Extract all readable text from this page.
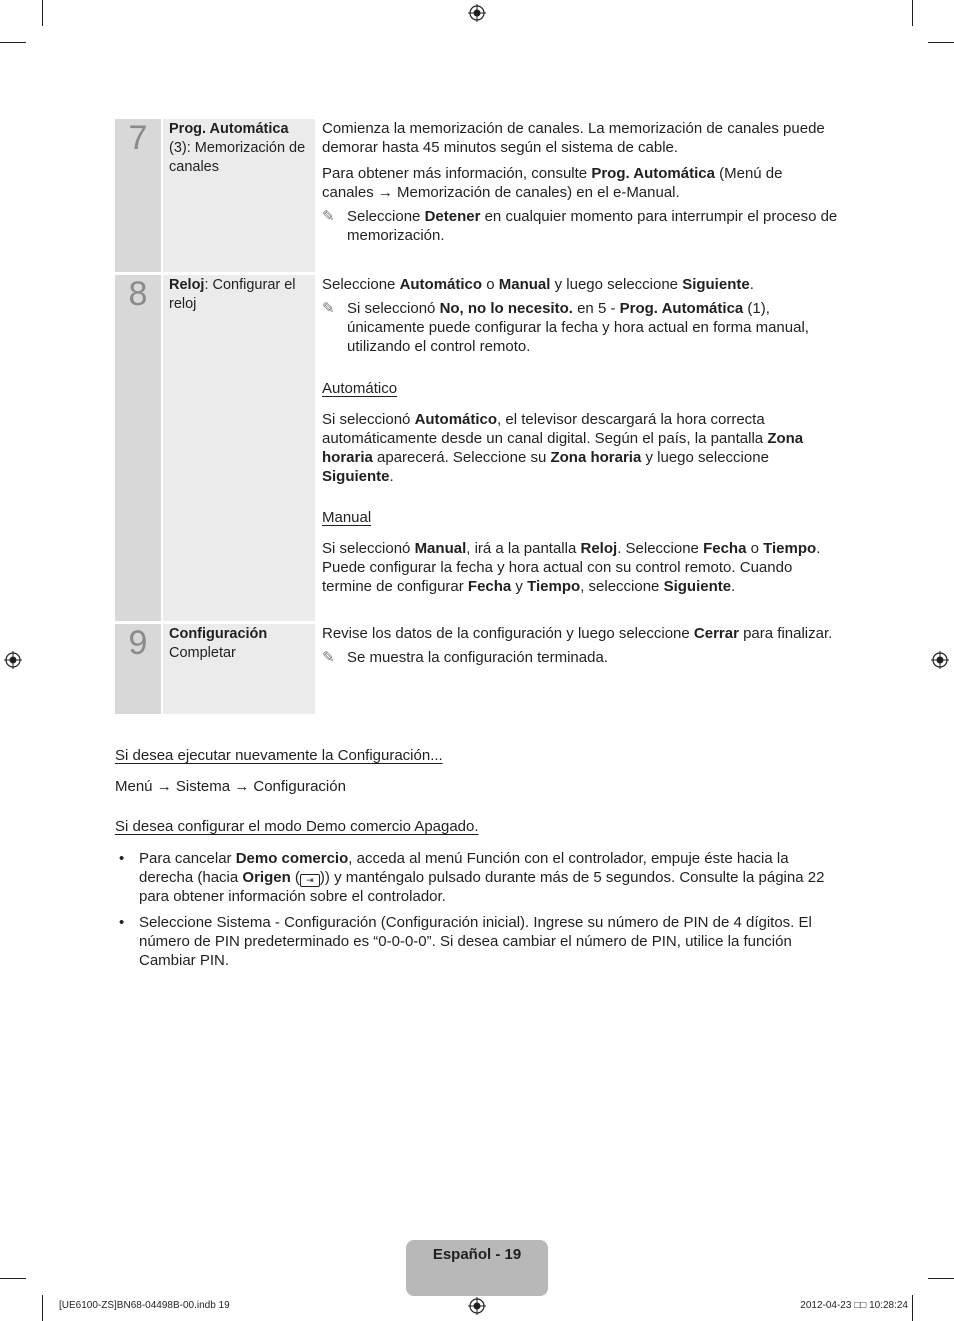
7	Prog. Automática
(3): Memorización de canales

Comienza la memorización de canales. La memorización de canales puede demorar hasta 45 minutos según el sistema de cable.

Para obtener más información, consulte Prog. Automática (Menú de canales → Memorización de canales) en el e-Manual.

✎ Seleccione Detener en cualquier momento para interrumpir el proceso de memorización.

8	Reloj: Configurar el reloj

Seleccione Automático o Manual y luego seleccione Siguiente.

✎ Si seleccionó No, no lo necesito. en 5 - Prog. Automática (1), únicamente puede configurar la fecha y hora actual en forma manual, utilizando el control remoto.

Automático

Si seleccionó Automático, el televisor descargará la hora correcta automáticamente desde un canal digital. Según el país, la pantalla Zona horaria aparecerá. Seleccione su Zona horaria y luego seleccione Siguiente.

Manual

Si seleccionó Manual, irá a la pantalla Reloj. Seleccione Fecha o Tiempo. Puede configurar la fecha y hora actual con su control remoto. Cuando termine de configurar Fecha y Tiempo, seleccione Siguiente.

9	Configuración
Completar

Revise los datos de la configuración y luego seleccione Cerrar para finalizar.

✎ Se muestra la configuración terminada.

Si desea ejecutar nuevamente la Configuración...
Menú → Sistema → Configuración
Si desea configurar el modo Demo comercio Apagado.
• Para cancelar Demo comercio, acceda al menú Función con el controlador, empuje éste hacia la derecha (hacia Origen ( ⇥ )) y manténgalo pulsado durante más de 5 segundos. Consulte la página 22 para obtener información sobre el controlador.
• Seleccione Sistema - Configuración (Configuración inicial). Ingrese su número de PIN de 4 dígitos. El número de PIN predeterminado es “0-0-0-0”. Si desea cambiar el número de PIN, utilice la función Cambiar PIN.
Español - 19
[UE6100-ZS]BN68-04498B-00.indb 19	2012-04-23 □□ 10:28:24
